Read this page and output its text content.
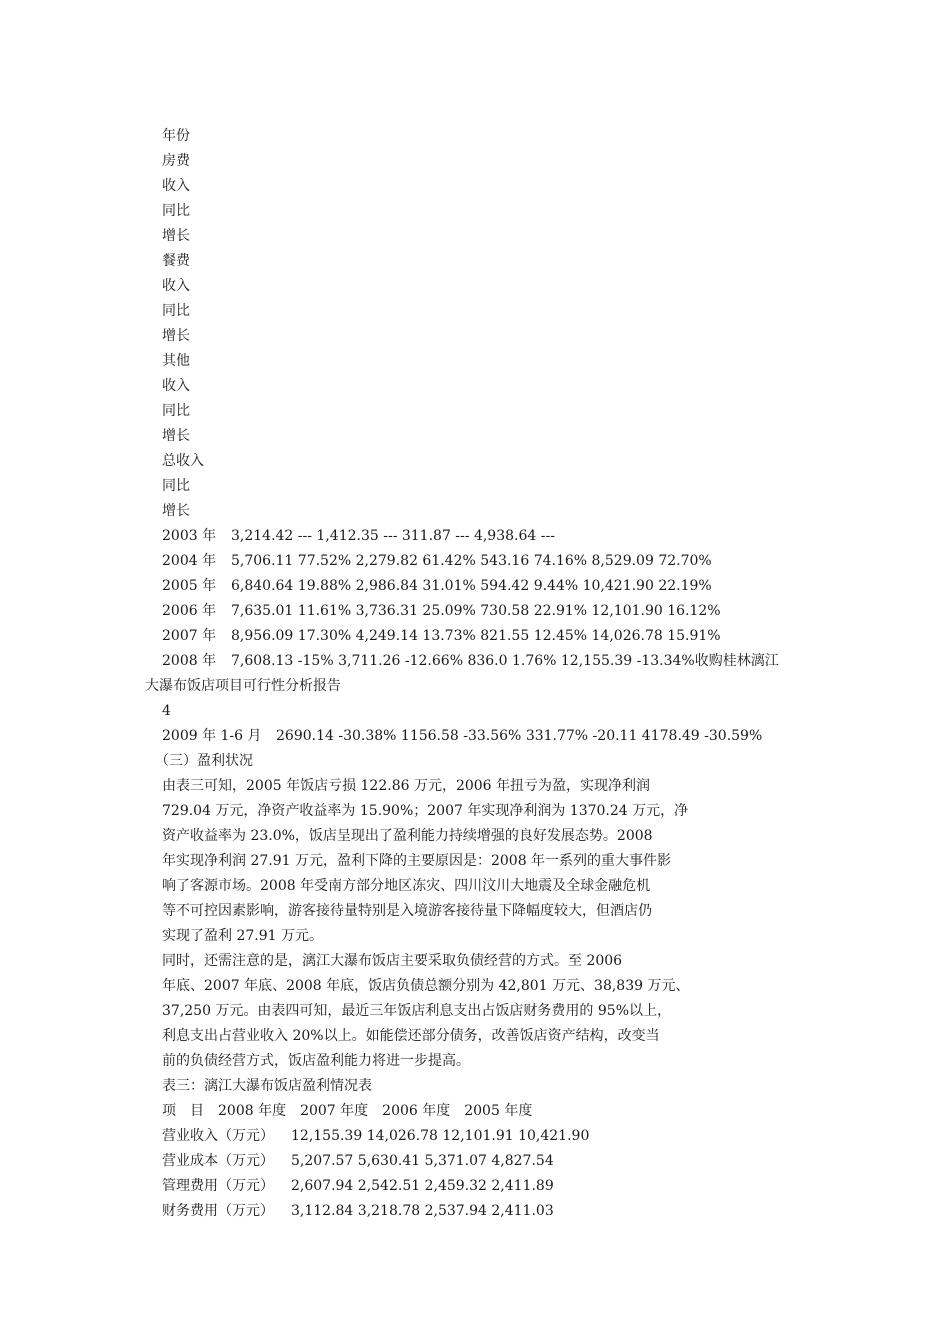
年份
房费
收入
同比
增长
餐费
收入
同比
增长
其他
收入
同比
增长
总收入
同比
增长
2003 年 3,214.42 --- 1,412.35 --- 311.87 --- 4,938.64 ---
2004 年 5,706.11 77.52% 2,279.82 61.42% 543.16 74.16% 8,529.09 72.70%
2005 年 6,840.64 19.88% 2,986.84 31.01% 594.42 9.44% 10,421.90 22.19%
2006 年 7,635.01 11.61% 3,736.31 25.09% 730.58 22.91% 12,101.90 16.12%
2007 年 8,956.09 17.30% 4,249.14 13.73% 821.55 12.45% 14,026.78 15.91%
2008 年 7,608.13 -15% 3,711.26 -12.66% 836.0 1.76% 12,155.39 -13.34%收购桂林漓江
大瀑布饭店项目可行性分析报告
4
2009 年 1-6 月 2690.14 -30.38% 1156.58 -33.56% 331.77% -20.11 4178.49 -30.59%
（三）盈利状况
由表三可知，2005 年饭店亏损 122.86 万元，2006 年扭亏为盈，实现净利润
729.04 万元，净资产收益率为 15.90%；2007 年实现净利润为 1370.24 万元，净
资产收益率为 23.0%，饭店呈现出了盈利能力持续增强的良好发展态势。2008
年实现净利润 27.91 万元，盈利下降的主要原因是：2008 年一系列的重大事件影
响了客源市场。2008 年受南方部分地区冻灾、四川汶川大地震及全球金融危机
等不可控因素影响，游客接待量特别是入境游客接待量下降幅度较大，但酒店仍
实现了盈利 27.91 万元。
同时，还需注意的是，漓江大瀑布饭店主要采取负债经营的方式。至 2006
年底、2007 年底、2008 年底，饭店负债总额分别为 42,801 万元、38,839 万元、
37,250 万元。由表四可知，最近三年饭店利息支出占饭店财务费用的 95%以上，
利息支出占营业收入 20%以上。如能偿还部分债务，改善饭店资产结构，改变当
前的负债经营方式，饭店盈利能力将进一步提高。
表三：漓江大瀑布饭店盈利情况表
项　目　2008 年度　2007 年度　2006 年度　2005 年度
营业收入（万元） 12,155.39 14,026.78 12,101.91 10,421.90
营业成本（万元） 5,207.57 5,630.41 5,371.07 4,827.54
管理费用（万元） 2,607.94 2,542.51 2,459.32 2,411.89
财务费用（万元） 3,112.84 3,218.78 2,537.94 2,411.03
